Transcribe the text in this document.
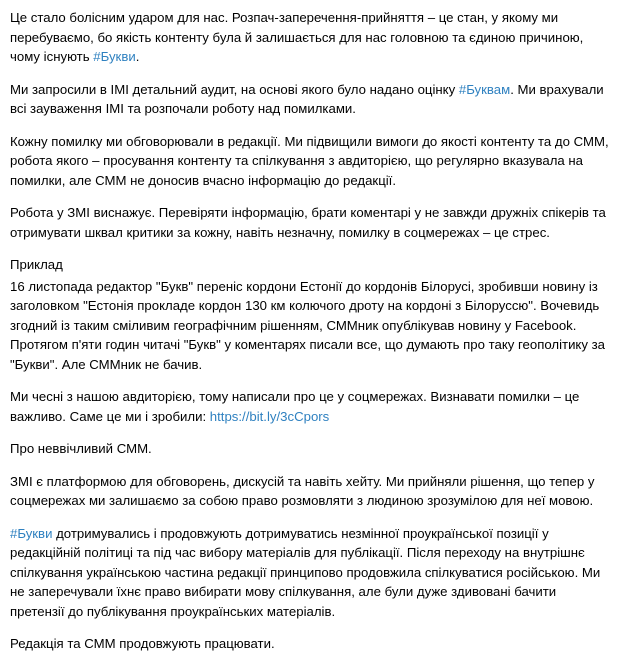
Це стало болісним ударом для нас. Розпач-заперечення-прийняття – це стан, у якому ми перебуваємо, бо якість контенту була й залишається для нас головною та єдиною причиною, чому існують #Букви.

Ми запросили в IMI детальний аудит, на основі якого було надано оцінку #Буквам. Ми врахували всі зауваження IMI та розпочали роботу над помилками.

Кожну помилку ми обговорювали в редакції. Ми підвищили вимоги до якості контенту та до СММ, робота якого – просування контенту та спілкування з авдиторією, що регулярно вказувала на помилки, але СММ не доносив вчасно інформацію до редакції.

Робота у ЗМІ виснажує. Перевіряти інформацію, брати коментарі у не завжди дружніх спікерів та отримувати шквал критики за кожну, навіть незначну, помилку в соцмережах – це стрес.

Приклад

16 листопада редактор "Букв" переніс кордони Естонії до кордонів Білорусі, зробивши новину із заголовком "Естонія прокладе кордон 130 км колючого дроту на кордоні з Білоруссю". Вочевидь згодний із таким сміливим географічним рішенням, СММник опублікував новину у Facebook. Протягом п'яти годин читачі "Букв" у коментарях писали все, що думають про таку геополітику за "Букви". Але СММник не бачив.

Ми чесні з нашою авдиторією, тому написали про це у соцмережах. Визнавати помилки – це важливо. Саме це ми і зробили: https://bit.ly/3cCpors

Про неввічливий СММ.

ЗМІ є платформою для обговорень, дискусій та навіть хейту. Ми прийняли рішення, що тепер у соцмережах ми залишаємо за собою право розмовляти з людиною зрозумілою для неї мовою.

#Букви дотримувались і продовжують дотримуватись незмінної проукраїнської позиції у редакційній політиці та під час вибору матеріалів для публікації. Після переходу на внутрішнє спілкування українською частина редакції принципово продовжила спілкуватися російською. Ми не заперечували їхнє право вибирати мову спілкування, але були дуже здивовані бачити претензії до публікування проукраїнських матеріалів.

Редакція та СММ продовжують працювати.
